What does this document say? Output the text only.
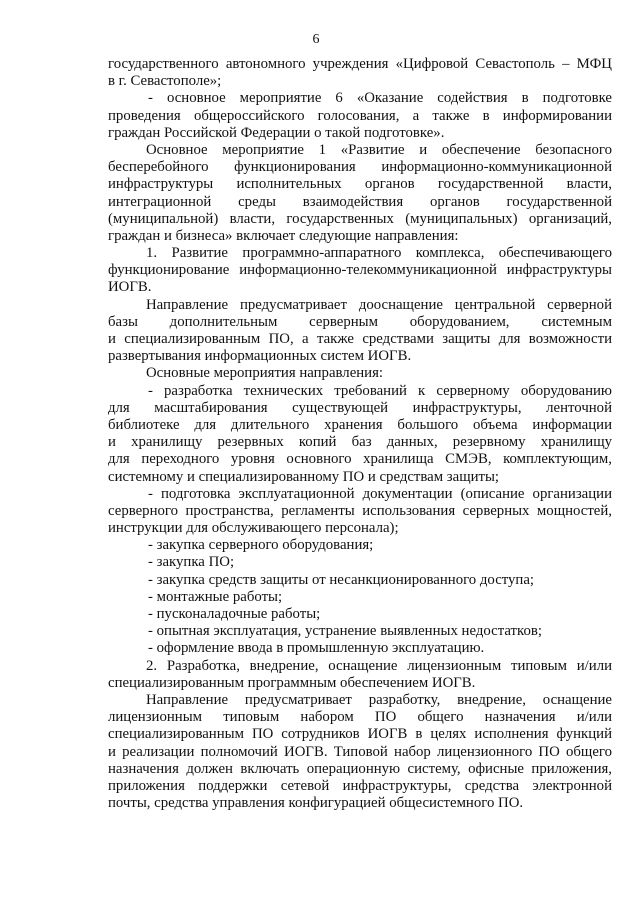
6
государственного автономного учреждения «Цифровой Севастополь – МФЦ
в г. Севастополе»;
- основное мероприятие 6 «Оказание содействия в подготовке
проведения общероссийского голосования, а также в информировании
граждан Российской Федерации о такой подготовке».
Основное мероприятие 1 «Развитие и обеспечение безопасного
бесперебойного функционирования информационно-коммуникационной
инфраструктуры исполнительных органов государственной власти,
интеграционной среды взаимодействия органов государственной
(муниципальной) власти, государственных (муниципальных) организаций,
граждан и бизнеса» включает следующие направления:
1. Развитие программно-аппаратного комплекса, обеспечивающего
функционирование информационно-телекоммуникационной инфраструктуры
ИОГВ.
Направление предусматривает дооснащение центральной серверной
базы дополнительным серверным оборудованием, системным
и специализированным ПО, а также средствами защиты для возможности
развертывания информационных систем ИОГВ.
Основные мероприятия направления:
- разработка технических требований к серверному оборудованию
для масштабирования существующей инфраструктуры, ленточной
библиотеке для длительного хранения большого объема информации
и хранилищу резервных копий баз данных, резервному хранилищу
для переходного уровня основного хранилища СМЭВ, комплектующим,
системному и специализированному ПО и средствам защиты;
- подготовка эксплуатационной документации (описание организации
серверного пространства, регламенты использования серверных мощностей,
инструкции для обслуживающего персонала);
- закупка серверного оборудования;
- закупка ПО;
- закупка средств защиты от несанкционированного доступа;
- монтажные работы;
- пусконаладочные работы;
- опытная эксплуатация, устранение выявленных недостатков;
- оформление ввода в промышленную эксплуатацию.
2. Разработка, внедрение, оснащение лицензионным типовым и/или
специализированным программным обеспечением ИОГВ.
Направление предусматривает разработку, внедрение, оснащение
лицензионным типовым набором ПО общего назначения и/или
специализированным ПО сотрудников ИОГВ в целях исполнения функций
и реализации полномочий ИОГВ. Типовой набор лицензионного ПО общего
назначения должен включать операционную систему, офисные приложения,
приложения поддержки сетевой инфраструктуры, средства электронной
почты, средства управления конфигурацией общесистемного ПО.
